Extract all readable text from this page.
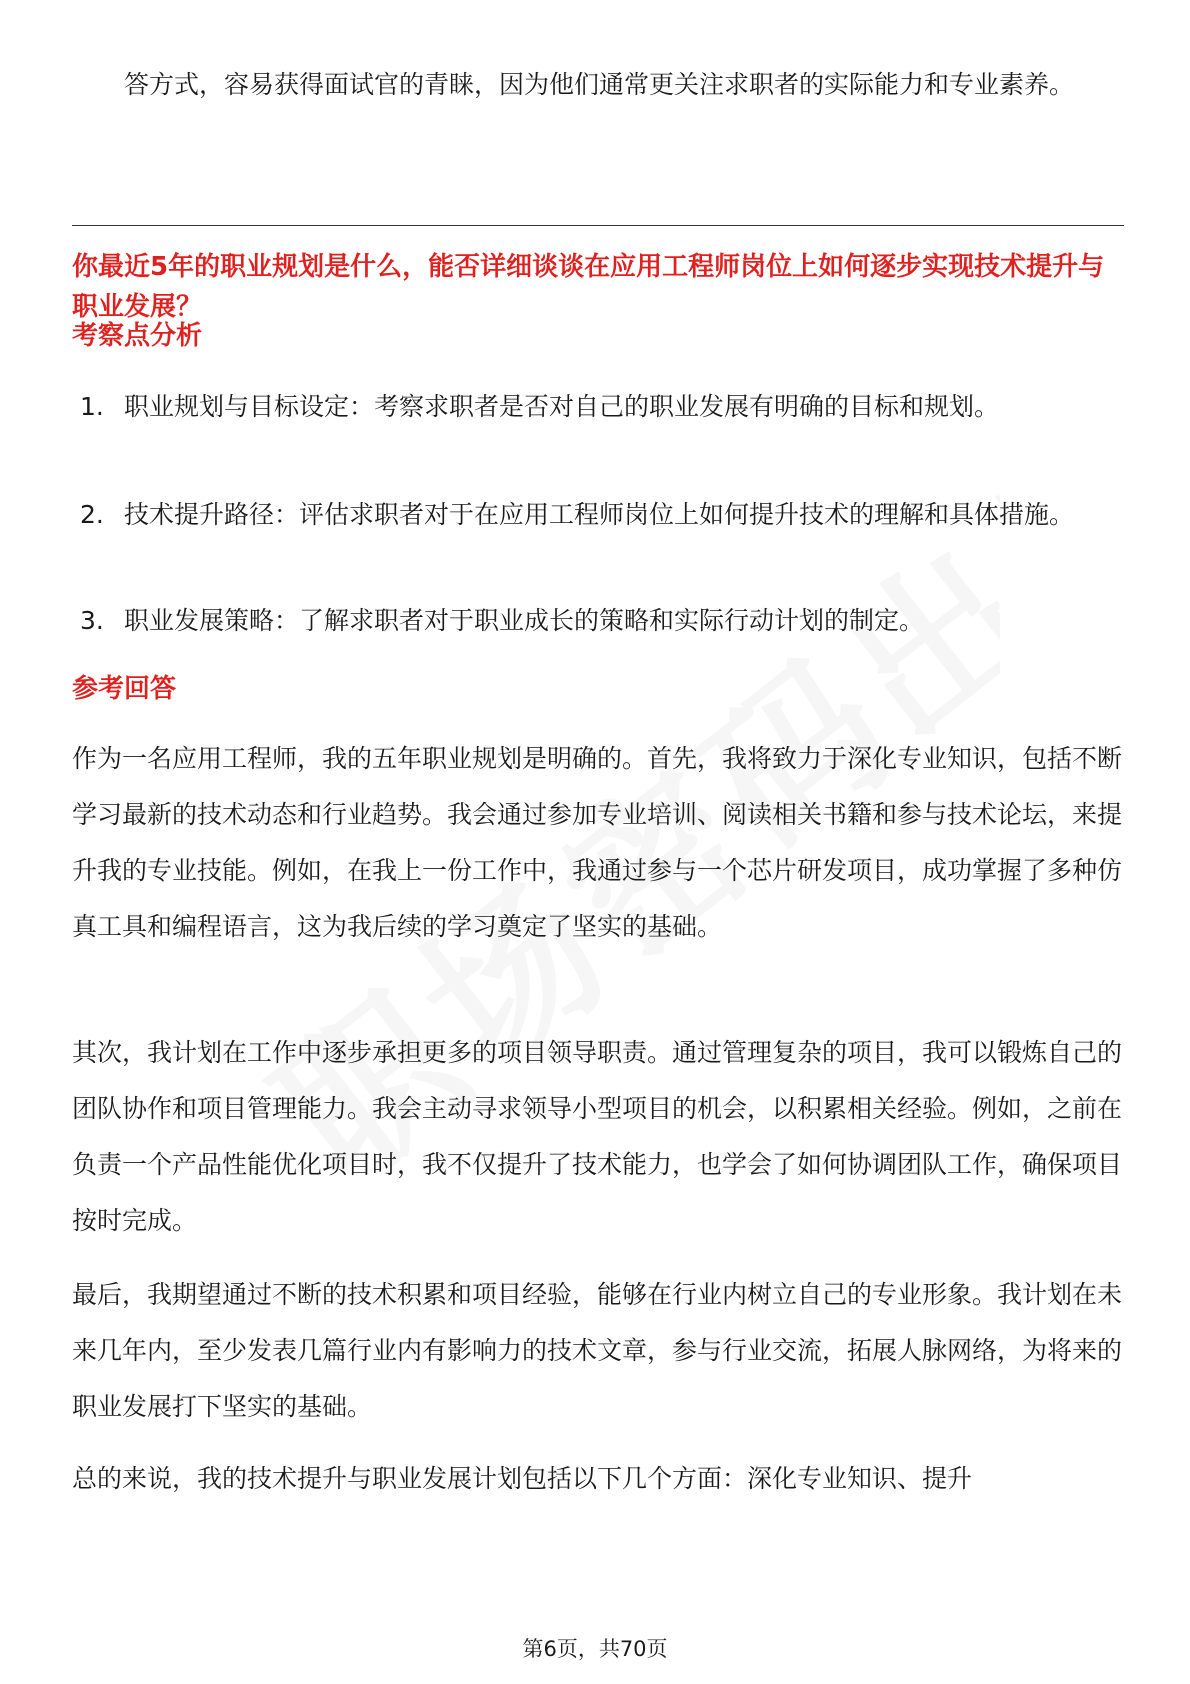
答方式，容易获得面试官的青睐，因为他们通常更关注求职者的实际能力和专业素养。

你最近5年的职业规划是什么，能否详细谈谈在应用工程师岗位上如何逐步实现技术提升与职业发展？

考察点分析

1. 职业规划与目标设定：考察求职者是否对自己的职业发展有明确的目标和规划。
2. 技术提升路径：评估求职者对于在应用工程师岗位上如何提升技术的理解和具体措施。
3. 职业发展策略：了解求职者对于职业成长的策略和实际行动计划的制定。

参考回答

作为一名应用工程师，我的五年职业规划是明确的。首先，我将致力于深化专业知识，包括不断学习最新的技术动态和行业趋势。我会通过参加专业培训、阅读相关书籍和参与技术论坛，来提升我的专业技能。例如，在我上一份工作中，我通过参与一个芯片研发项目，成功掌握了多种仿真工具和编程语言，这为我后续的学习奠定了坚实的基础。

其次，我计划在工作中逐步承担更多的项目领导职责。通过管理复杂的项目，我可以锻炼自己的团队协作和项目管理能力。我会主动寻求领导小型项目的机会，以积累相关经验。例如，之前在负责一个产品性能优化项目时，我不仅提升了技术能力，也学会了如何协调团队工作，确保项目按时完成。

最后，我期望通过不断的技术积累和项目经验，能够在行业内树立自己的专业形象。我计划在未来几年内，至少发表几篇行业内有影响力的技术文章，参与行业交流，拓展人脉网络，为将来的职业发展打下坚实的基础。

总的来说，我的技术提升与职业发展计划包括以下几个方面：深化专业知识、提升

第6页，共70页
